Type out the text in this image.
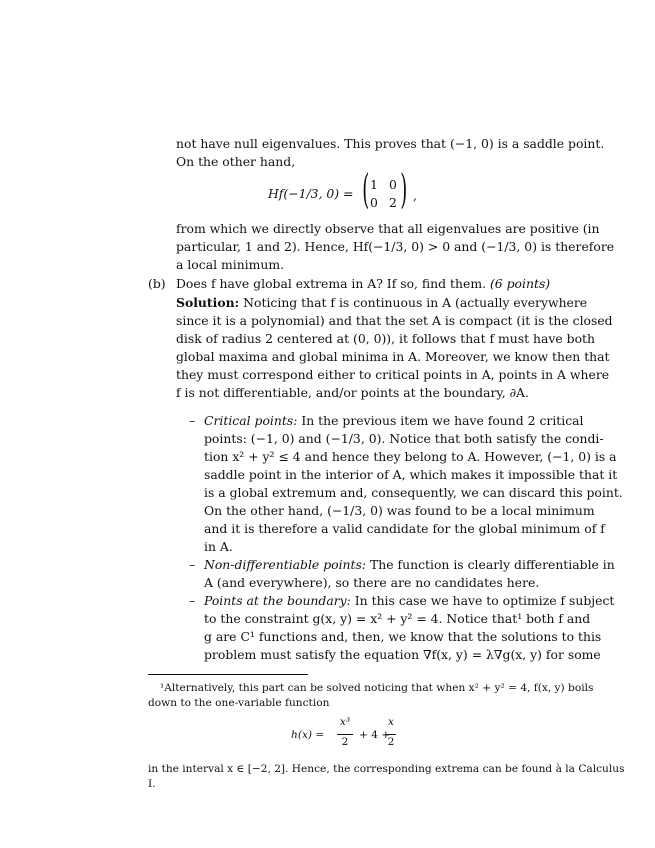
not have null eigenvalues. This proves that (−1, 0) is a saddle point.
On the other hand,
Hf(−1/3, 0) = ( 1 0
0 2 ) ,
from which we directly observe that all eigenvalues are positive (in
particular, 1 and 2). Hence, Hf(−1/3, 0) > 0 and (−1/3, 0) is therefore
a local minimum.
(b) Does f have global extrema in A? If so, find them. (6 points)
Solution: Noticing that f is continuous in A (actually everywhere
since it is a polynomial) and that the set A is compact (it is the closed
disk of radius 2 centered at (0, 0)), it follows that f must have both
global maxima and global minima in A. Moreover, we know then that
they must correspond either to critical points in A, points in A where
f is not differentiable, and/or points at the boundary, ∂A.
– Critical points: In the previous item we have found 2 critical
points: (−1, 0) and (−1/3, 0). Notice that both satisfy the condi-
tion x² + y² ≤ 4 and hence they belong to A. However, (−1, 0) is a
saddle point in the interior of A, which makes it impossible that it
is a global extremum and, consequently, we can discard this point.
On the other hand, (−1/3, 0) was found to be a local minimum
and it is therefore a valid candidate for the global minimum of f
in A.
– Non-differentiable points: The function is clearly differentiable in
A (and everywhere), so there are no candidates here.
– Points at the boundary: In this case we have to optimize f subject
to the constraint g(x, y) = x² + y² = 4. Notice that¹ both f and
g are C¹ functions and, then, we know that the solutions to this
problem must satisfy the equation ∇f(x, y) = λ∇g(x, y) for some
¹Alternatively, this part can be solved noticing that when x² + y² = 4, f(x, y) boils
down to the one-variable function
h(x) =
x³
2
+ 4 +
x
2
in the interval x ∈ [−2, 2]. Hence, the corresponding extrema can be found à la Calculus
I.
